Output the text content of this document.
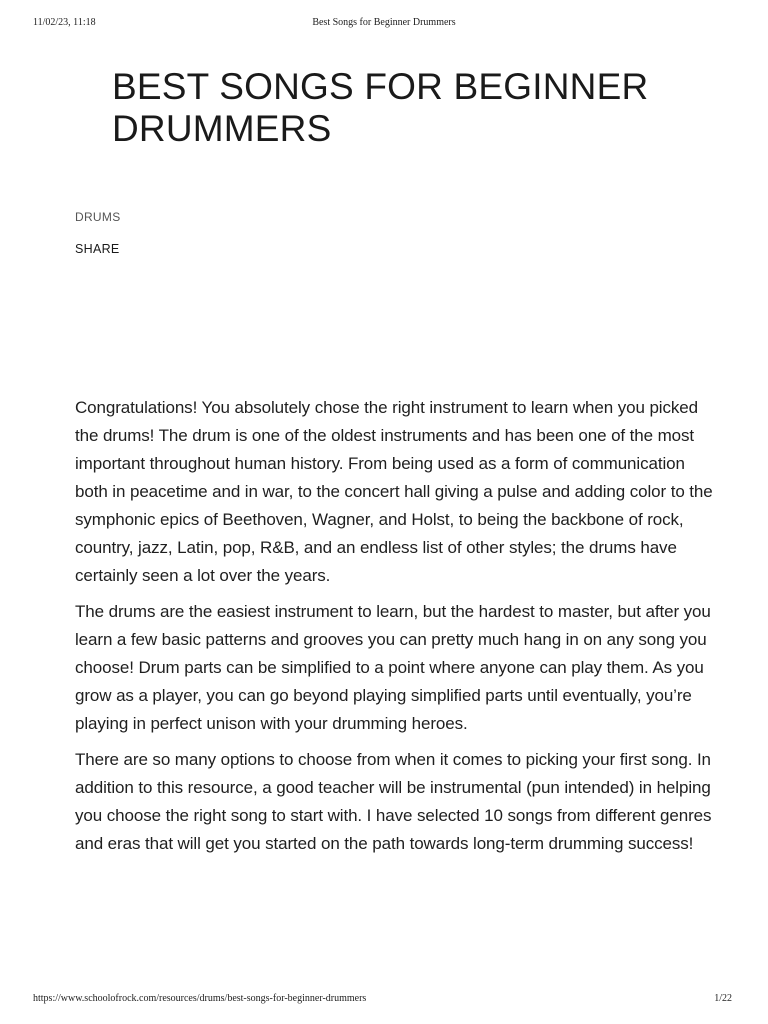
11/02/23, 11:18	Best Songs for Beginner Drummers
BEST SONGS FOR BEGINNER DRUMMERS
DRUMS
SHARE

Congratulations! You absolutely chose the right instrument to learn when you picked the drums! The drum is one of the oldest instruments and has been one of the most important throughout human history. From being used as a form of communication both in peacetime and in war, to the concert hall giving a pulse and adding color to the symphonic epics of Beethoven, Wagner, and Holst, to being the backbone of rock, country, jazz, Latin, pop, R&B, and an endless list of other styles; the drums have certainly seen a lot over the years.

The drums are the easiest instrument to learn, but the hardest to master, but after you learn a few basic patterns and grooves you can pretty much hang in on any song you choose! Drum parts can be simplified to a point where anyone can play them. As you grow as a player, you can go beyond playing simplified parts until eventually, you’re playing in perfect unison with your drumming heroes.

There are so many options to choose from when it comes to picking your first song. In addition to this resource, a good teacher will be instrumental (pun intended) in helping you choose the right song to start with. I have selected 10 songs from different genres and eras that will get you started on the path towards long-term drumming success!

https://www.schoolofrock.com/resources/drums/best-songs-for-beginner-drummers	1/22
